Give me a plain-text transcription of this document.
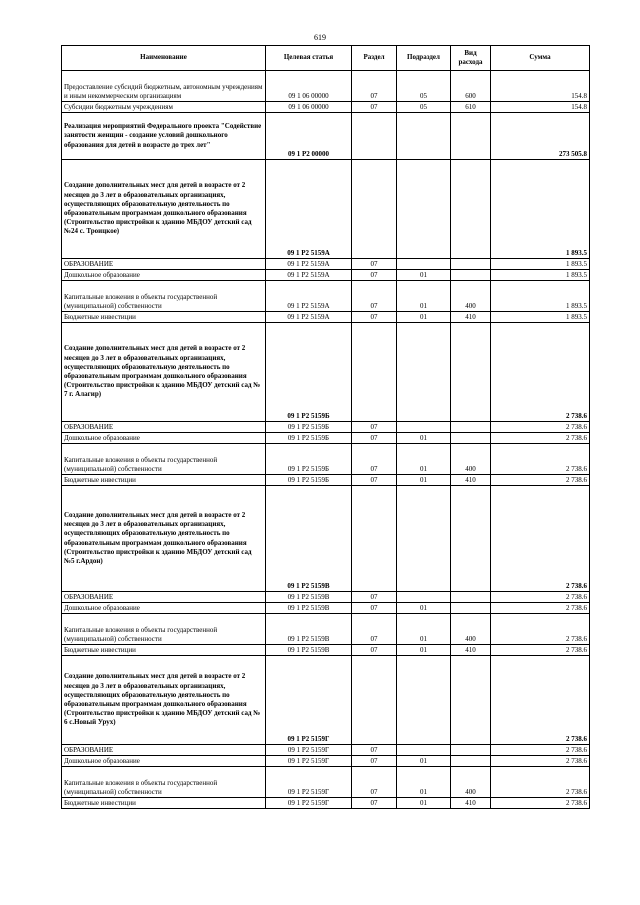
619
Наименование	Целевая статья	Раздел	Подраздел	Вид расхода	Сумма
Предоставление субсидий бюджетным, автономным учреждениям и иным некоммерческим организациям	09 1 06 00000	07	05	600	154.8
Субсидии бюджетным учреждениям	09 1 06 00000	07	05	610	154.8
Реализация мероприятий Федерального проекта "Содействие занятости женщин - создание условий дошкольного образования для детей в возрасте до трех лет"	09 1 P2 00000				273 505.8
Создание дополнительных мест для детей в возрасте от 2 месяцев до 3 лет в образовательных организациях, осуществляющих образовательную деятельность по образовательным программам дошкольного образования (Строительство пристройки к зданию МБДОУ детский сад №24 с. Троицкое)	09 1 P2 5159А				1 893.5
ОБРАЗОВАНИЕ	09 1 P2 5159А	07			1 893.5
Дошкольное образование	09 1 P2 5159А	07	01		1 893.5
Капитальные вложения в объекты государственной (муниципальной) собственности	09 1 P2 5159А	07	01	400	1 893.5
Бюджетные инвестиции	09 1 P2 5159А	07	01	410	1 893.5
Создание дополнительных мест для детей в возрасте от 2 месяцев до 3 лет в образовательных организациях, осуществляющих образовательную деятельность по образовательным программам дошкольного образования (Строительство пристройки к зданию МБДОУ детский сад № 7 г. Алагир)	09 1 P2 5159Б				2 738.6
ОБРАЗОВАНИЕ	09 1 P2 5159Б	07			2 738.6
Дошкольное образование	09 1 P2 5159Б	07	01		2 738.6
Капитальные вложения в объекты государственной (муниципальной) собственности	09 1 P2 5159Б	07	01	400	2 738.6
Бюджетные инвестиции	09 1 P2 5159Б	07	01	410	2 738.6
Создание дополнительных мест для детей в возрасте от 2 месяцев до 3 лет в образовательных организациях, осуществляющих образовательную деятельность по образовательным программам дошкольного образования (Строительство пристройки к зданию МБДОУ детский сад №5 г.Ардон)	09 1 P2 5159В				2 738.6
ОБРАЗОВАНИЕ	09 1 P2 5159В	07			2 738.6
Дошкольное образование	09 1 P2 5159В	07	01		2 738.6
Капитальные вложения в объекты государственной (муниципальной) собственности	09 1 P2 5159В	07	01	400	2 738.6
Бюджетные инвестиции	09 1 P2 5159В	07	01	410	2 738.6
Создание дополнительных мест для детей в возрасте от 2 месяцев до 3 лет в образовательных организациях, осуществляющих образовательную деятельность по образовательным программам дошкольного образования (Строительство пристройки к зданию МБДОУ детский сад № 6 с.Новый Урух)	09 1 P2 5159Г				2 738.6
ОБРАЗОВАНИЕ	09 1 P2 5159Г	07			2 738.6
Дошкольное образование	09 1 P2 5159Г	07	01		2 738.6
Капитальные вложения в объекты государственной (муниципальной) собственности	09 1 P2 5159Г	07	01	400	2 738.6
Бюджетные инвестиции	09 1 P2 5159Г	07	01	410	2 738.6
